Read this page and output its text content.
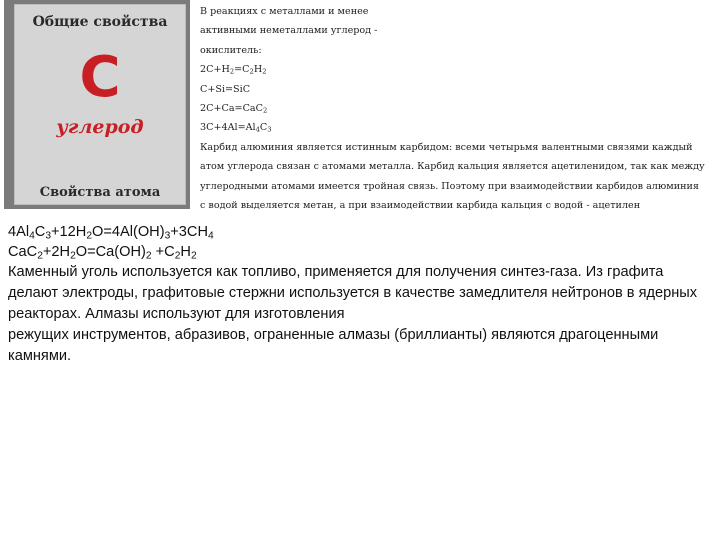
Общие свойства
С
углерод
Свойства атома
В реакциях с металлами и менее
активными неметаллами углерод -
окислитель:
$2C+H_2=C_2H_2$
C+Si=SiC
2C+Ca=CaC$_2$
$3C+4Al=Al_4C_3$
Карбид алюминия является истинным карбидом: всеми четырьмя валентными связями каждый атом углерода связан с атомами металла. Карбид кальция является ацетиленидом, так как между углеродными атомами имеется тройная связь. Поэтому при взаимодействии карбидов алюминия с водой выделяется метан, а при взаимодействии карбида кальция с водой - ацетилен
$4Al_4C_3+12H_2O=4Al(OH)_3+3CH_4$
$CaC_2+2H_2O=Ca(OH)_2 +C_2H_2$
Каменный уголь используется как топливо, применяется для получения синтез-газа. Из графита делают электроды, графитовые стержни используется в качестве замедлителя нейтронов в ядерных реакторах. Алмазы используют для изготовления
режущих инструментов, абразивов, ограненные алмазы (бриллианты) являются драгоценными камнями.
